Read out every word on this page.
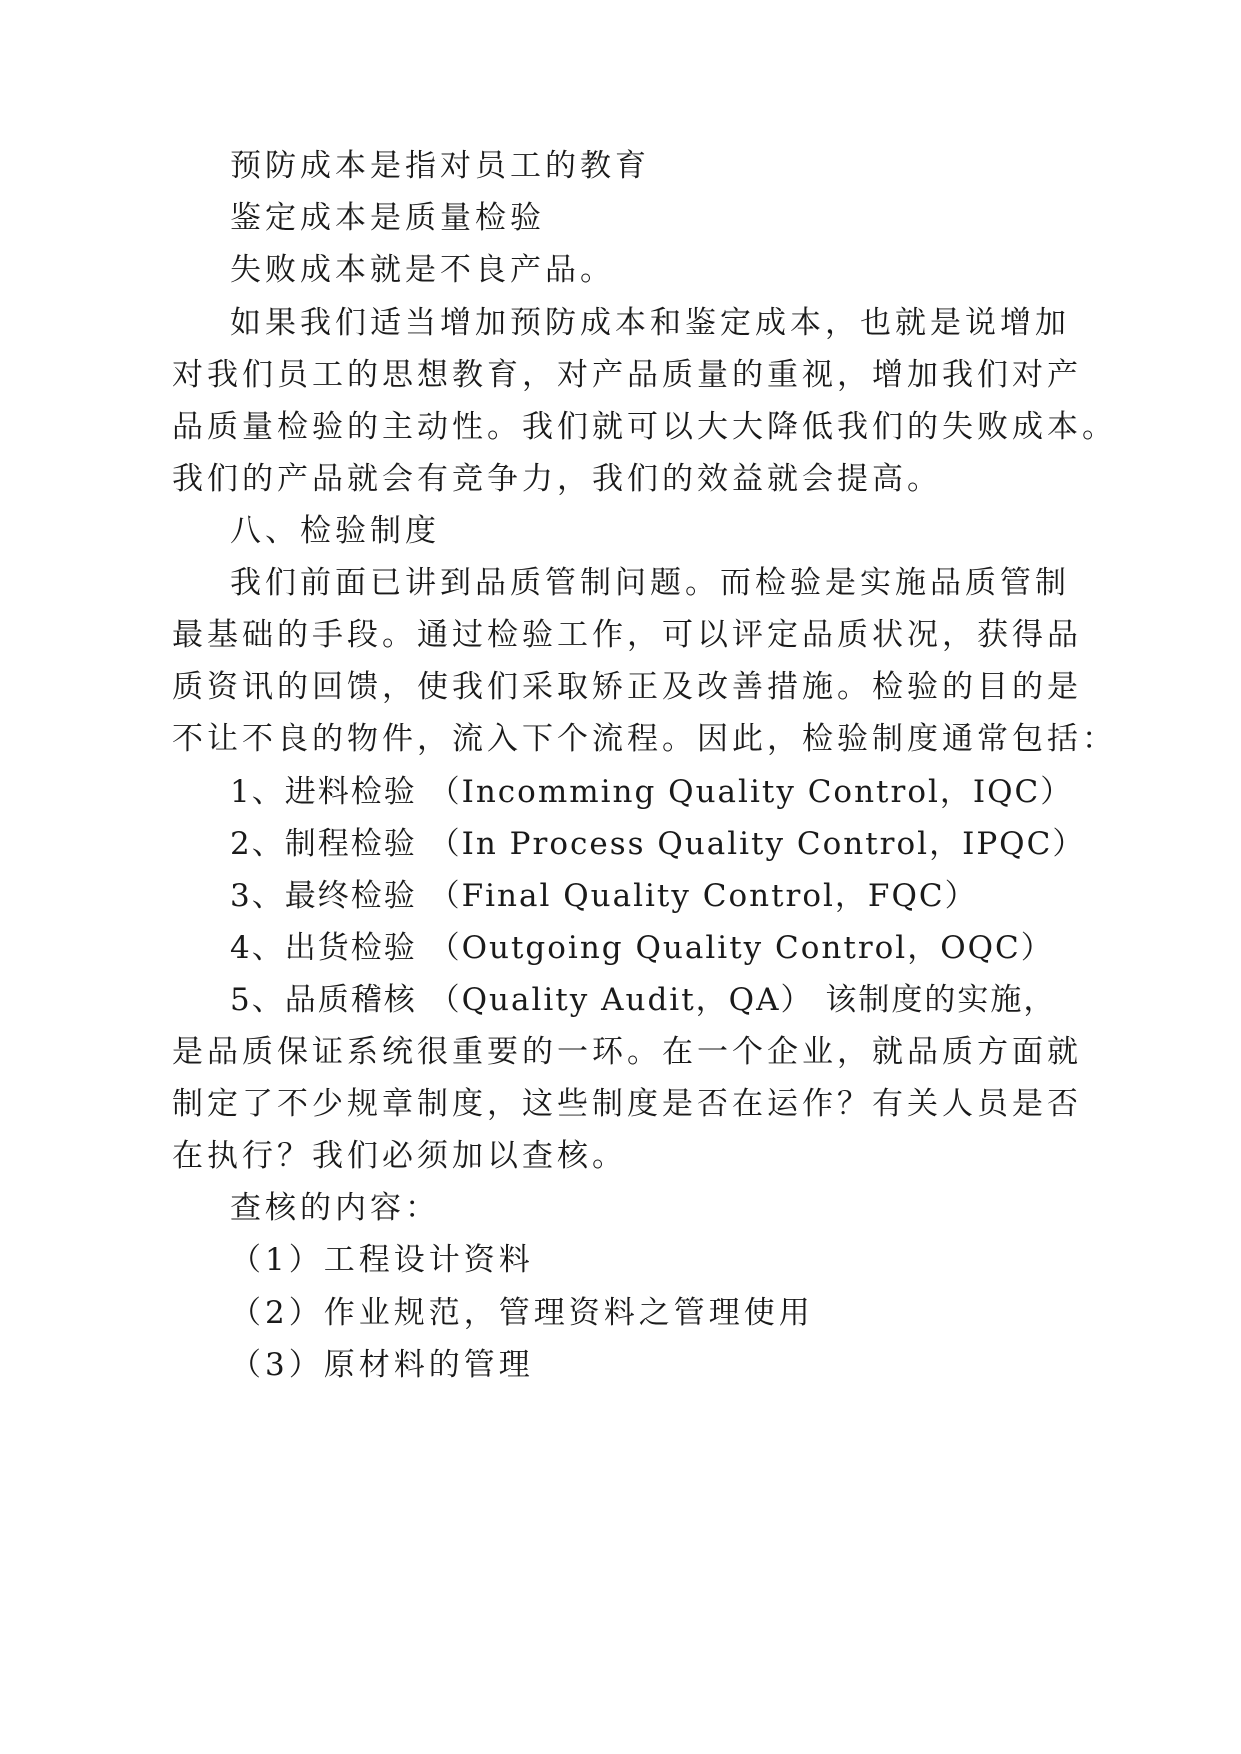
预防成本是指对员工的教育
鉴定成本是质量检验
失败成本就是不良产品。
如果我们适当增加预防成本和鉴定成本，也就是说增加
对我们员工的思想教育，对产品质量的重视，增加我们对产
品质量检验的主动性。我们就可以大大降低我们的失败成本。
我们的产品就会有竞争力，我们的效益就会提高。
八、检验制度
我们前面已讲到品质管制问题。而检验是实施品质管制
最基础的手段。通过检验工作，可以评定品质状况，获得品
质资讯的回馈，使我们采取矫正及改善措施。检验的目的是
不让不良的物件，流入下个流程。因此，检验制度通常包括：
1、进料检验 （Incomming Quality Control，IQC）
2、制程检验 （In Process Quality Control，IPQC）
3、最终检验 （Final Quality Control，FQC）
4、出货检验 （Outgoing Quality Control，OQC）
5、品质稽核 （Quality Audit，QA） 该制度的实施，
是品质保证系统很重要的一环。在一个企业，就品质方面就
制定了不少规章制度，这些制度是否在运作？有关人员是否
在执行？我们必须加以查核。
查核的内容：
（1）工程设计资料
（2）作业规范，管理资料之管理使用
（3）原材料的管理
